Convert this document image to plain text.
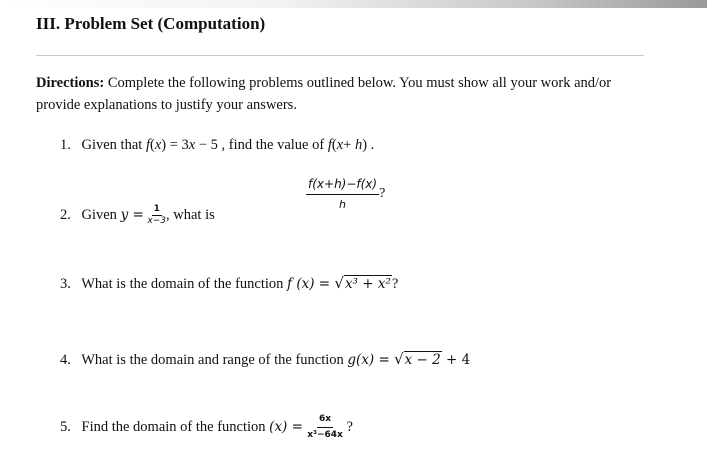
III. Problem Set (Computation)
Directions: Complete the following problems outlined below. You must show all your work and/or provide explanations to justify your answers.
1. Given that f(x) = 3x − 5 , find the value of f(x+ h) .
2. Given $y = \frac{1}{x-3}$ , what is
$\frac{f(x+h)-f(x)}{h}$ ?
3. What is the domain of the function f (x) = √ x³ + x² ?
4. What is the domain and range of the function g(x) = √ x − 2 + 4
5. Find the domain of the function $(x) = \frac{6x}{\text{x³−64x}}$ ?
